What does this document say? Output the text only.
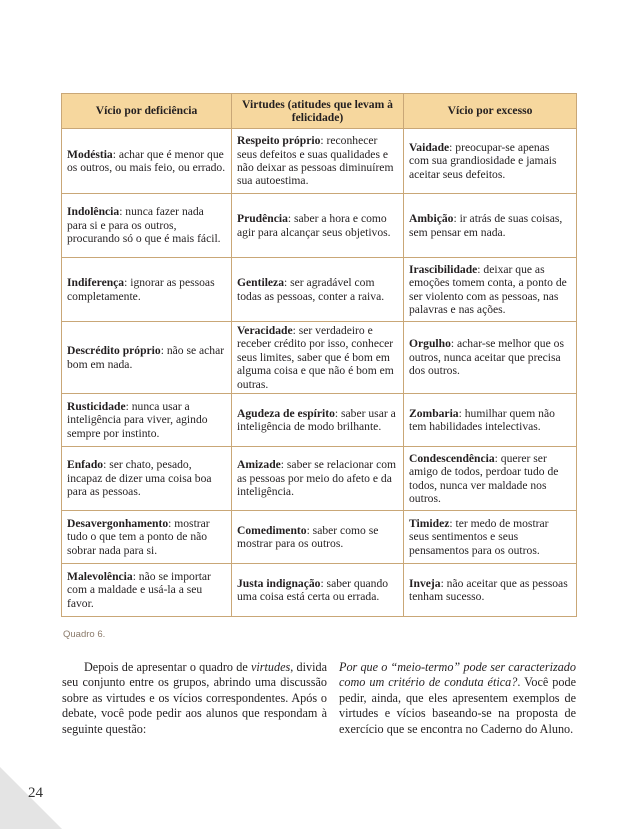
Vício por deficiência	Virtudes (atitudes que levam à felicidade)	Vício por excesso
Modéstia: achar que é menor que os outros, ou mais feio, ou errado.	Respeito próprio: reconhecer seus defeitos e suas qualidades e não deixar as pessoas diminuírem sua autoestima.	Vaidade: preocupar-se apenas com sua grandiosidade e jamais aceitar seus defeitos.
Indolência: nunca fazer nada para si e para os outros, procurando só o que é mais fácil.	Prudência: saber a hora e como agir para alcançar seus objetivos.	Ambição: ir atrás de suas coisas, sem pensar em nada.
Indiferença: ignorar as pessoas completamente.	Gentileza: ser agradável com todas as pessoas, conter a raiva.	Irascibilidade: deixar que as emoções tomem conta, a ponto de ser violento com as pessoas, nas palavras e nas ações.
Descrédito próprio: não se achar bom em nada.	Veracidade: ser verdadeiro e receber crédito por isso, conhecer seus limites, saber que é bom em alguma coisa e que não é bom em outras.	Orgulho: achar-se melhor que os outros, nunca aceitar que precisa dos outros.
Rusticidade: nunca usar a inteligência para viver, agindo sempre por instinto.	Agudeza de espírito: saber usar a inteligência de modo brilhante.	Zombaria: humilhar quem não tem habilidades intelectivas.
Enfado: ser chato, pesado, incapaz de dizer uma coisa boa para as pessoas.	Amizade: saber se relacionar com as pessoas por meio do afeto e da inteligência.	Condescendência: querer ser amigo de todos, perdoar tudo de todos, nunca ver maldade nos outros.
Desavergonhamento: mostrar tudo o que tem a ponto de não sobrar nada para si.	Comedimento: saber como se mostrar para os outros.	Timidez: ter medo de mostrar seus sentimentos e seus pensamentos para os outros.
Malevolência: não se importar com a maldade e usá-la a seu favor.	Justa indignação: saber quando uma coisa está certa ou errada.	Inveja: não aceitar que as pessoas tenham sucesso.
Quadro 6.
Depois de apresentar o quadro de virtudes, divida seu conjunto entre os grupos, abrindo uma discussão sobre as virtudes e os vícios correspondentes. Após o debate, você pode pedir aos alunos que respondam à seguinte questão:
Por que o “meio-termo” pode ser caracterizado como um critério de conduta ética?. Você pode pedir, ainda, que eles apresentem exemplos de virtudes e vícios baseando-se na proposta de exercício que se encontra no Caderno do Aluno.
24
